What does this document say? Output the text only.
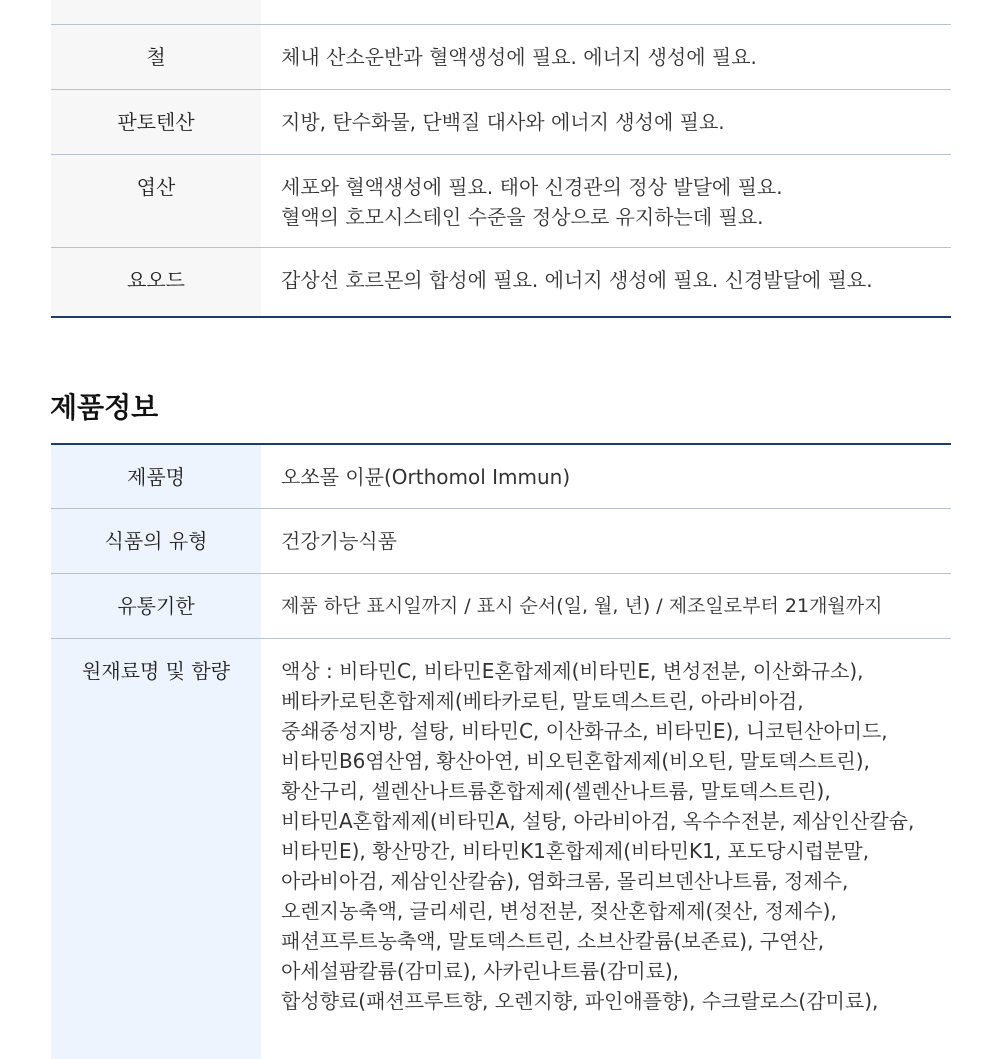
철	체내 산소운반과 혈액생성에 필요. 에너지 생성에 필요.
판토텐산	지방, 탄수화물, 단백질 대사와 에너지 생성에 필요.
엽산	세포와 혈액생성에 필요. 태아 신경관의 정상 발달에 필요.
혈액의 호모시스테인 수준을 정상으로 유지하는데 필요.
요오드	갑상선 호르몬의 합성에 필요. 에너지 생성에 필요. 신경발달에 필요.
제품정보
제품명	오쏘몰 이뮨(Orthomol Immun)
식품의 유형	건강기능식품
유통기한	제품 하단 표시일까지 / 표시 순서(일, 월, 년) / 제조일로부터 21개월까지
원재료명 및 함량	액상 : 비타민C, 비타민E혼합제제(비타민E, 변성전분, 이산화규소),
베타카로틴혼합제제(베타카로틴, 말토덱스트린, 아라비아검,
중쇄중성지방, 설탕, 비타민C, 이산화규소, 비타민E), 니코틴산아미드,
비타민B6염산염, 황산아연, 비오틴혼합제제(비오틴, 말토덱스트린),
황산구리, 셀렌산나트륨혼합제제(셀렌산나트륨, 말토덱스트린),
비타민A혼합제제(비타민A, 설탕, 아라비아검, 옥수수전분, 제삼인산칼슘,
비타민E), 황산망간, 비타민K1혼합제제(비타민K1, 포도당시럽분말,
아라비아검, 제삼인산칼슘), 염화크롬, 몰리브덴산나트륨, 정제수,
오렌지농축액, 글리세린, 변성전분, 젖산혼합제제(젖산, 정제수),
패션프루트농축액, 말토덱스트린, 소브산칼륨(보존료), 구연산,
아세설팜칼륨(감미료), 사카린나트륨(감미료),
합성향료(패션프루트향, 오렌지향, 파인애플향), 수크랄로스(감미료),
